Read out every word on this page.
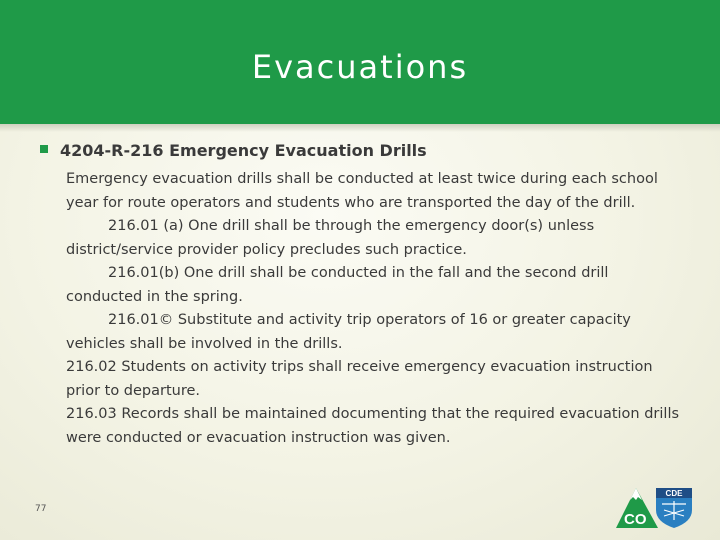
Evacuations
4204-R-216 Emergency Evacuation Drills

Emergency evacuation drills shall be conducted at least twice during each school year for route operators and students who are transported the day of the drill.

216.01 (a) One drill shall be through the emergency door(s) unless district/service provider policy precludes such practice.

216.01(b) One drill shall be conducted in the fall and the second drill conducted in the spring.

216.01© Substitute and activity trip operators of 16 or greater capacity vehicles shall be involved in the drills.

216.02 Students on activity trips shall receive emergency evacuation instruction prior to departure.

216.03 Records shall be maintained documenting that the required evacuation drills were conducted or evacuation instruction was given.

77
CO
CDE
